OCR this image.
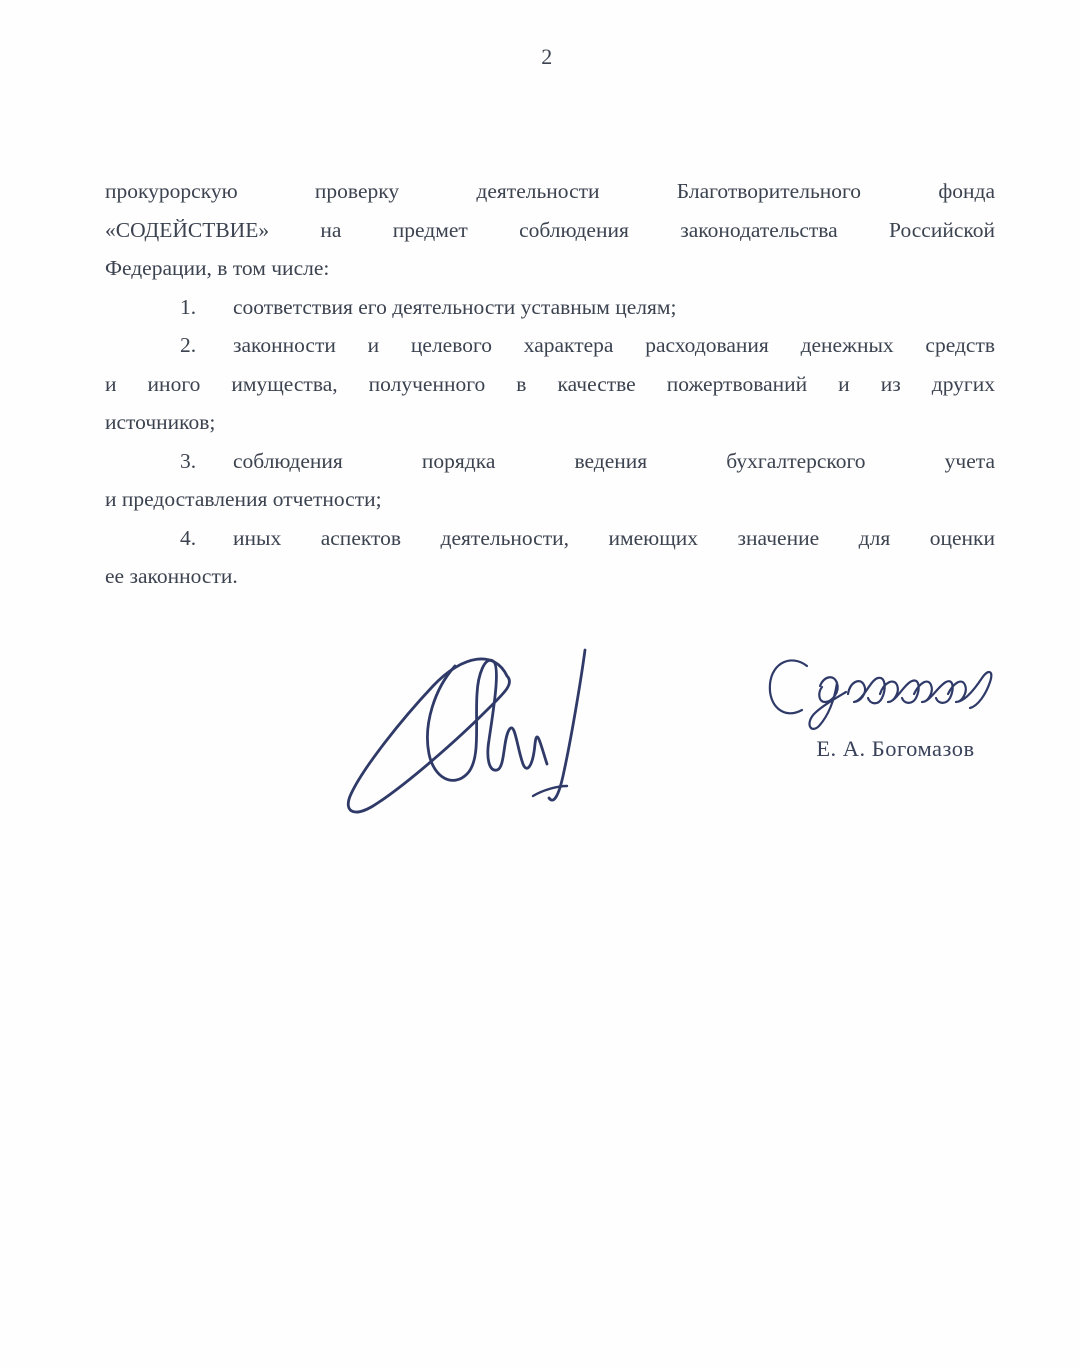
2
прокурорскую проверку деятельности Благотворительного фонда
«СОДЕЙСТВИЕ» на предмет соблюдения законодательства Российской
Федерации, в том числе:
1. соответствия его деятельности уставным целям;
2. законности и целевого характера расходования денежных средств
и иного имущества, полученного в качестве пожертвований и из других
источников;
3. соблюдения порядка ведения бухгалтерского учета
и предоставления отчетности;
4. иных аспектов деятельности, имеющих значение для оценки
ее законности.
Е. А. Богомазов
